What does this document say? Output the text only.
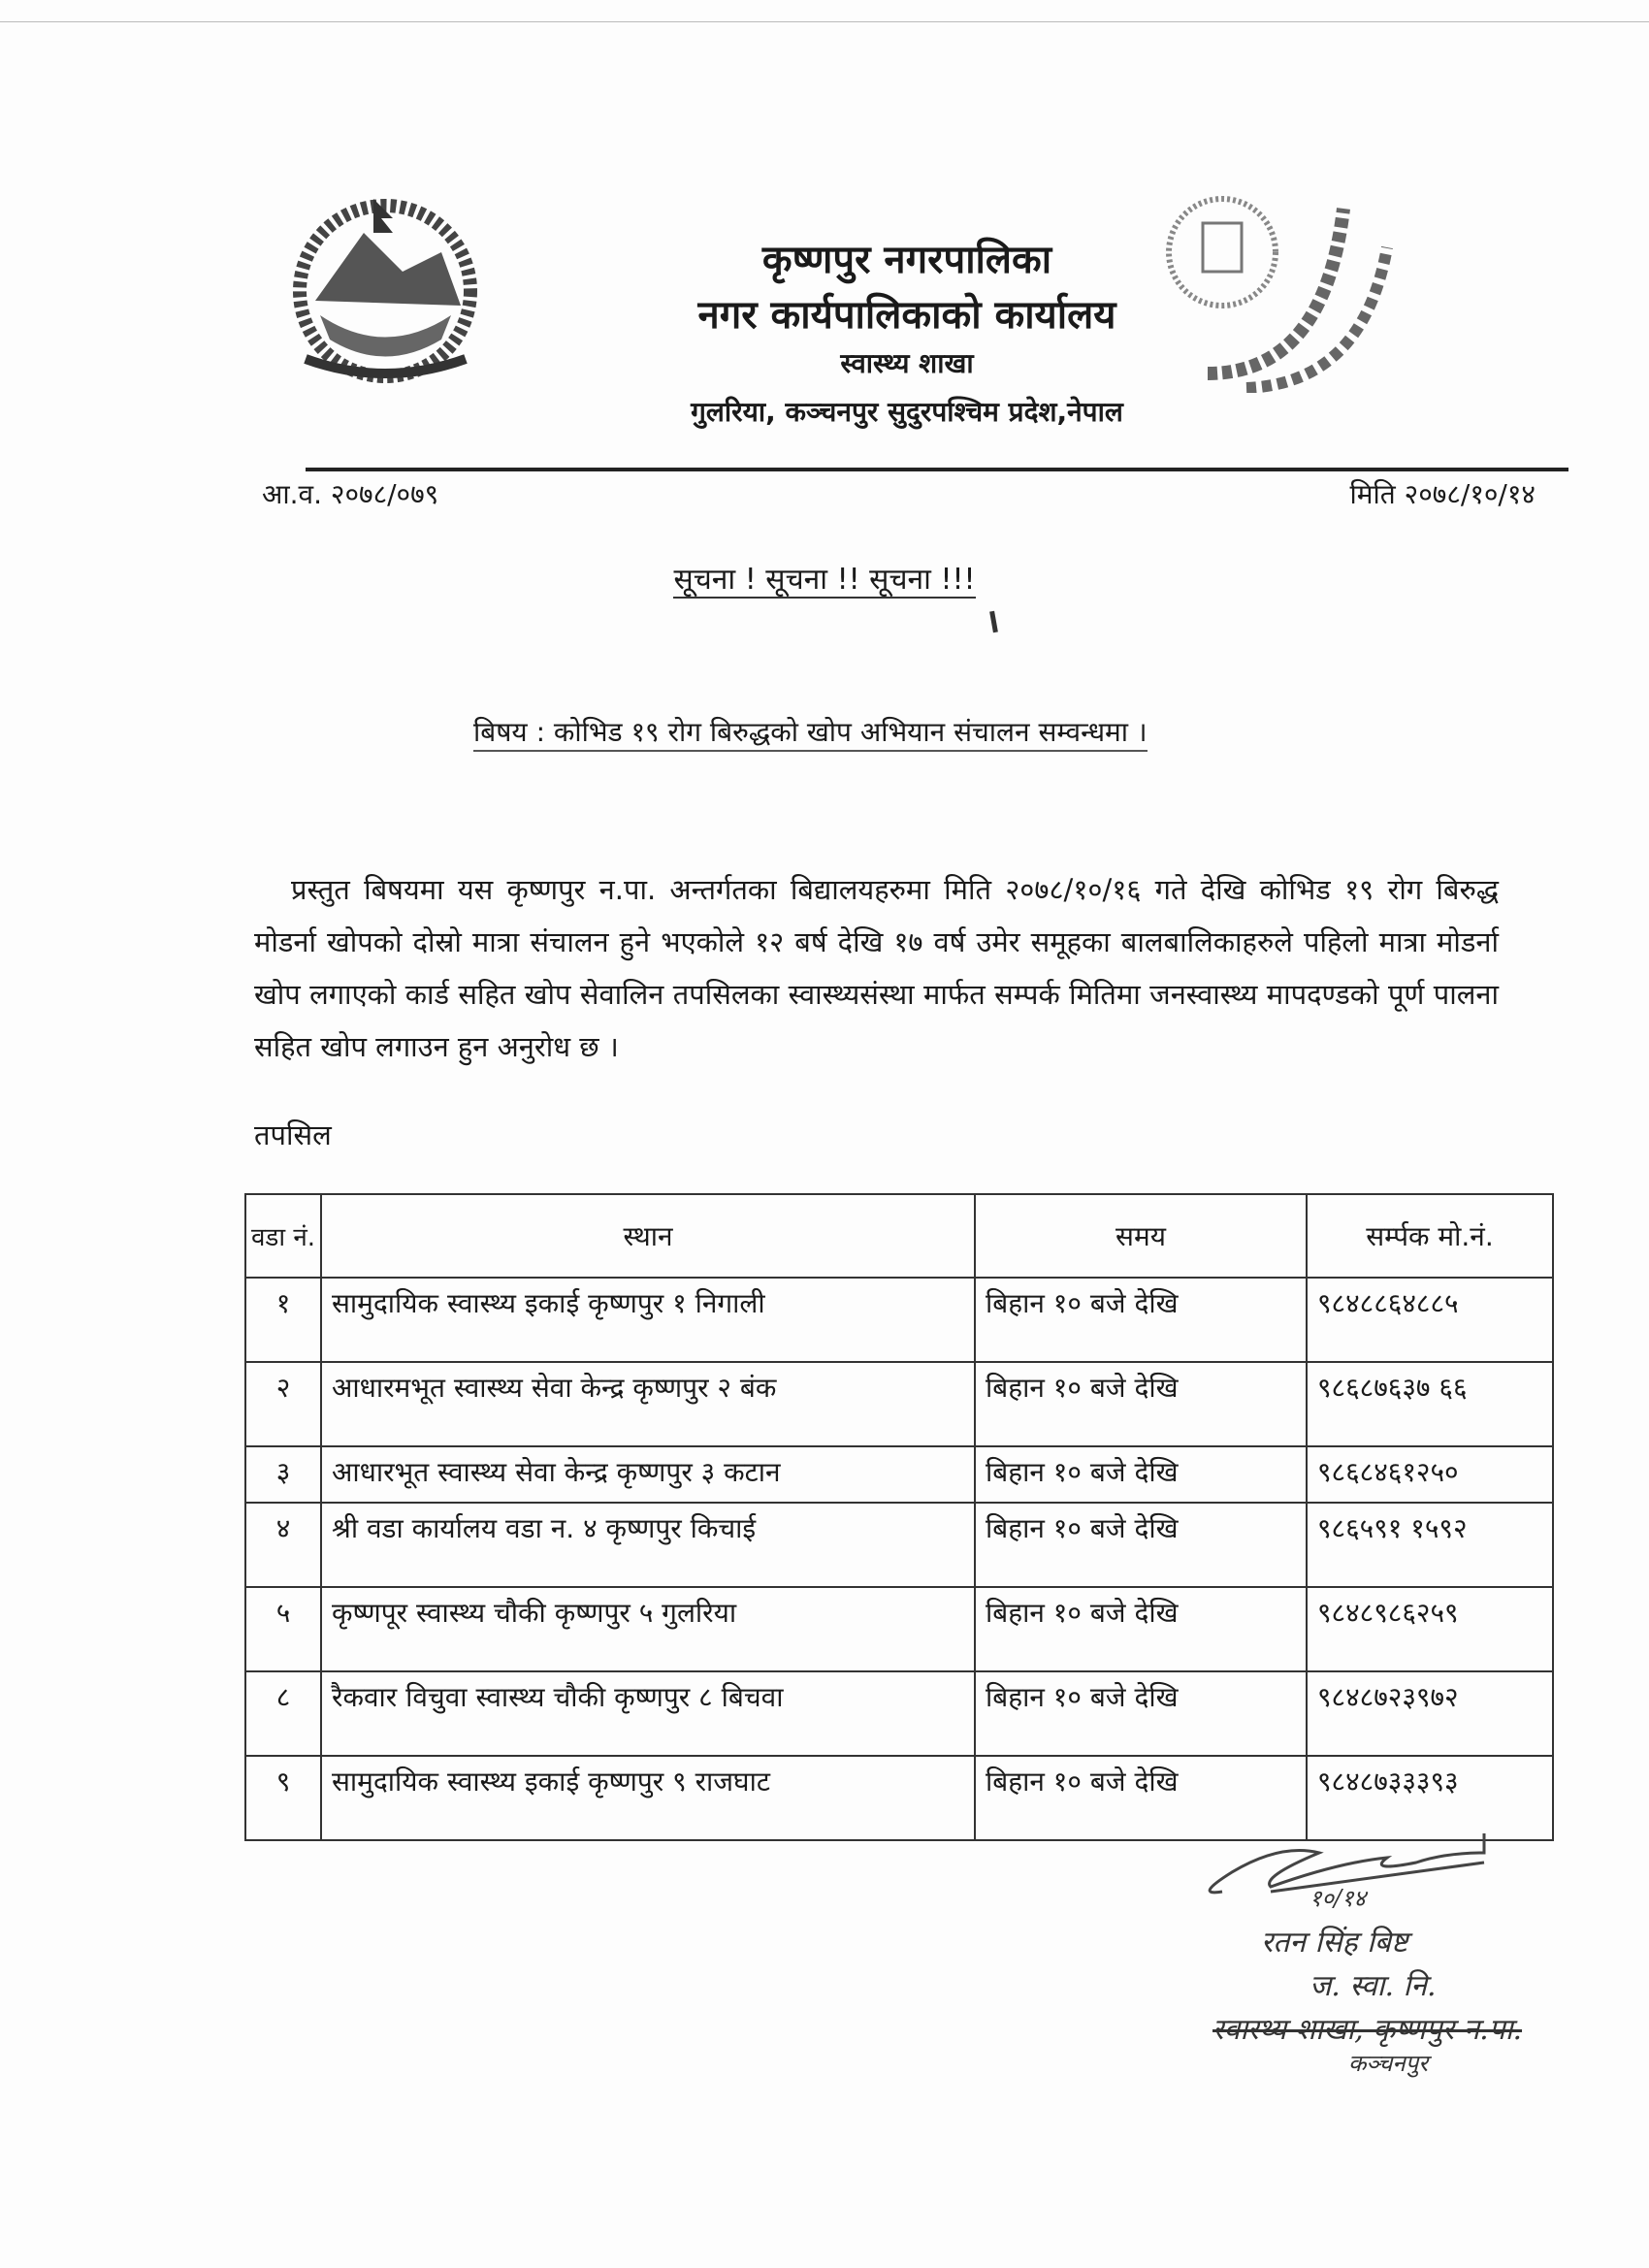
कृष्णपुर नगरपालिका
नगर कार्यपालिकाको कार्यालय
स्वास्थ्य शाखा
गुलरिया, कञ्चनपुर सुदुरपश्चिम प्रदेश,नेपाल
आ.व. २०७८/०७९	मिति २०७८/१०/१४
सूचना ! सूचना !! सूचना !!!
बिषय : कोभिड १९ रोग बिरुद्धको खोप अभियान संचालन सम्वन्धमा ।
प्रस्तुत बिषयमा यस कृष्णपुर न.पा. अन्तर्गतका बिद्यालयहरुमा मिति २०७८/१०/१६ गते देखि कोभिड १९ रोग बिरुद्ध मोडर्ना खोपको दोस्रो मात्रा संचालन हुने भएकोले १२ बर्ष देखि १७ वर्ष उमेर समूहका बालबालिकाहरुले पहिलो मात्रा मोडर्ना खोप लगाएको कार्ड सहित खोप सेवालिन तपसिलका स्वास्थ्यसंस्था मार्फत सम्पर्क मितिमा जनस्वास्थ्य मापदण्डको पूर्ण पालना सहित खोप लगाउन हुन अनुरोध छ ।
तपसिल
वडा नं.	स्थान	समय	सर्म्पक मो.नं.
१	सामुदायिक स्वास्थ्य इकाई कृष्णपुर १ निगाली	बिहान १० बजे देखि	९८४८८६४८८५
२	आधारमभूत स्वास्थ्य सेवा केन्द्र कृष्णपुर २ बंक	बिहान १० बजे देखि	९८६८७६३७ ६६
३	आधारभूत स्वास्थ्य सेवा केन्द्र कृष्णपुर ३ कटान	बिहान १० बजे देखि	९८६८४६१२५०
४	श्री वडा कार्यालय वडा न. ४ कृष्णपुर किचाई	बिहान १० बजे देखि	९८६५९१ १५९२
५	कृष्णपूर स्वास्थ्य चौकी कृष्णपुर ५ गुलरिया	बिहान १० बजे देखि	९८४८९८६२५९
८	रैकवार विचुवा स्वास्थ्य चौकी कृष्णपुर ८ बिचवा	बिहान १० बजे देखि	९८४८७२३९७२
९	सामुदायिक स्वास्थ्य इकाई कृष्णपुर ९ राजघाट	बिहान १० बजे देखि	९८४८७३३३९३
१०/१४
रतन सिंह बिष्ट
ज. स्वा. नि.
स्वास्थ्य शाखा, कृष्णपुर न.पा.
कञ्चनपुर
